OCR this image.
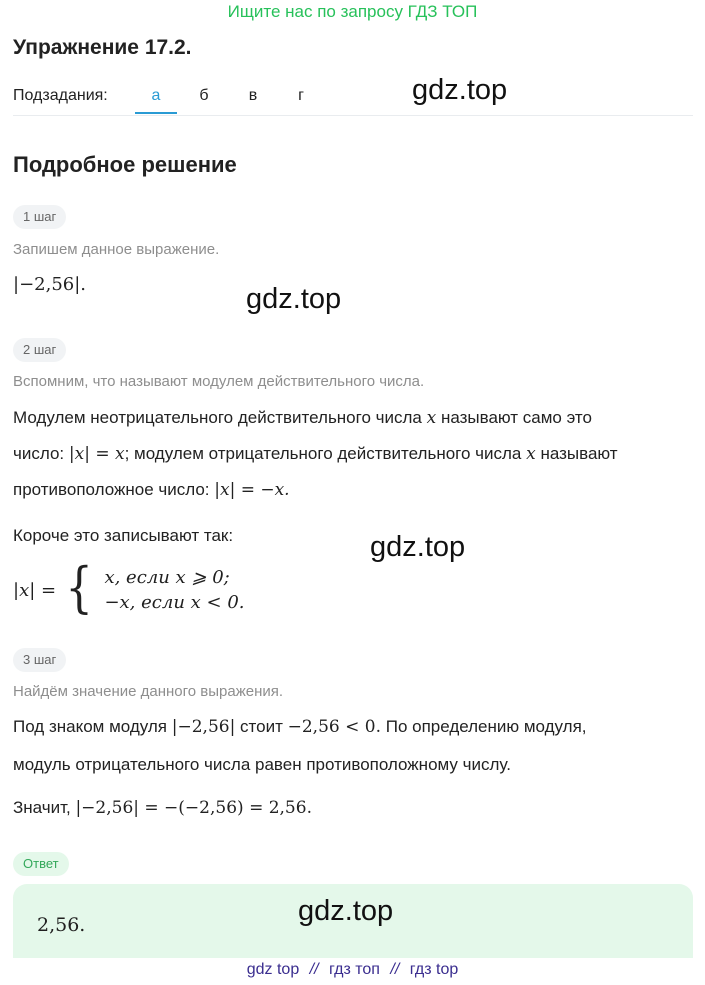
Ищите нас по запросу ГДЗ ТОП
Упражнение 17.2.
Подзадания:	а	б	в	г	gdz.top
Подробное решение
1 шаг
Запишем данное выражение.
|−2,56|.	gdz.top
2 шаг
Вспомним, что называют модулем действительного числа.
Модулем неотрицательного действительного числа x называют само это
число: |x| = x; модулем отрицательного действительного числа x называют
противоположное число: |x| = −x.
Короче это записывают так:	gdz.top
|x| = { x, если x ⩾ 0;
−x, если x < 0.
3 шаг
Найдём значение данного выражения.
Под знаком модуля |−2,56| стоит −2,56 < 0. По определению модуля,
модуль отрицательного числа равен противоположному числу.
Значит, |−2,56| = −(−2,56) = 2,56.
Ответ
2,56.	gdz.top
gdz top // гдз топ // гдз top
